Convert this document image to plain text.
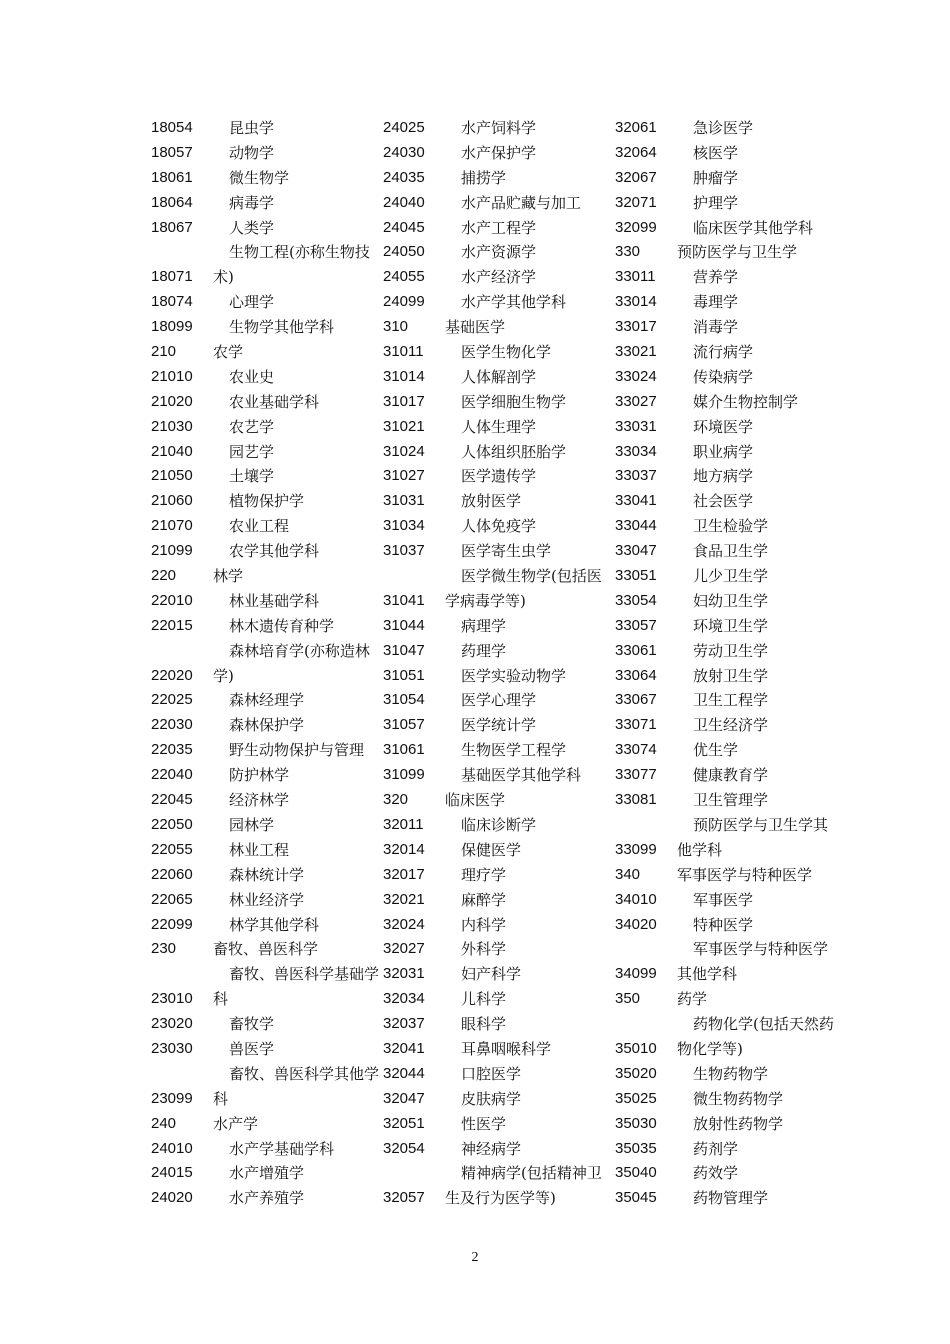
18054 昆虫学
18057 动物学
18061 微生物学
18064 病毒学
18067 人类学
生物工程(亦称生物技
18071 术)
18074 心理学
18099 生物学其他学科
210 农学
21010 农业史
21020 农业基础学科
21030 农艺学
21040 园艺学
21050 土壤学
21060 植物保护学
21070 农业工程
21099 农学其他学科
220 林学
22010 林业基础学科
22015 林木遗传育种学
森林培育学(亦称造林
22020 学)
22025 森林经理学
22030 森林保护学
22035 野生动物保护与管理
22040 防护林学
22045 经济林学
22050 园林学
22055 林业工程
22060 森林统计学
22065 林业经济学
22099 林学其他学科
230 畜牧、兽医科学
畜牧、兽医科学基础学
23010 科
23020 畜牧学
23030 兽医学
畜牧、兽医科学其他学
23099 科
240 水产学
24010 水产学基础学科
24015 水产增殖学
24020 水产养殖学
24025 水产饲料学
24030 水产保护学
24035 捕捞学
24040 水产品贮藏与加工
24045 水产工程学
24050 水产资源学
24055 水产经济学
24099 水产学其他学科
310 基础医学
31011 医学生物化学
31014 人体解剖学
31017 医学细胞生物学
31021 人体生理学
31024 人体组织胚胎学
31027 医学遗传学
31031 放射医学
31034 人体免疫学
31037 医学寄生虫学
医学微生物学(包括医
31041 学病毒学等)
31044 病理学
31047 药理学
31051 医学实验动物学
31054 医学心理学
31057 医学统计学
31061 生物医学工程学
31099 基础医学其他学科
320 临床医学
32011 临床诊断学
32014 保健医学
32017 理疗学
32021 麻醉学
32024 内科学
32027 外科学
32031 妇产科学
32034 儿科学
32037 眼科学
32041 耳鼻咽喉科学
32044 口腔医学
32047 皮肤病学
32051 性医学
32054 神经病学
精神病学(包括精神卫
32057 生及行为医学等)
32061 急诊医学
32064 核医学
32067 肿瘤学
32071 护理学
32099 临床医学其他学科
330 预防医学与卫生学
33011 营养学
33014 毒理学
33017 消毒学
33021 流行病学
33024 传染病学
33027 媒介生物控制学
33031 环境医学
33034 职业病学
33037 地方病学
33041 社会医学
33044 卫生检验学
33047 食品卫生学
33051 儿少卫生学
33054 妇幼卫生学
33057 环境卫生学
33061 劳动卫生学
33064 放射卫生学
33067 卫生工程学
33071 卫生经济学
33074 优生学
33077 健康教育学
33081 卫生管理学
预防医学与卫生学其
33099 他学科
340 军事医学与特种医学
34010 军事医学
34020 特种医学
军事医学与特种医学
34099 其他学科
350 药学
药物化学(包括天然药
35010 物化学等)
35020 生物药物学
35025 微生物药物学
35030 放射性药物学
35035 药剂学
35040 药效学
35045 药物管理学
2
